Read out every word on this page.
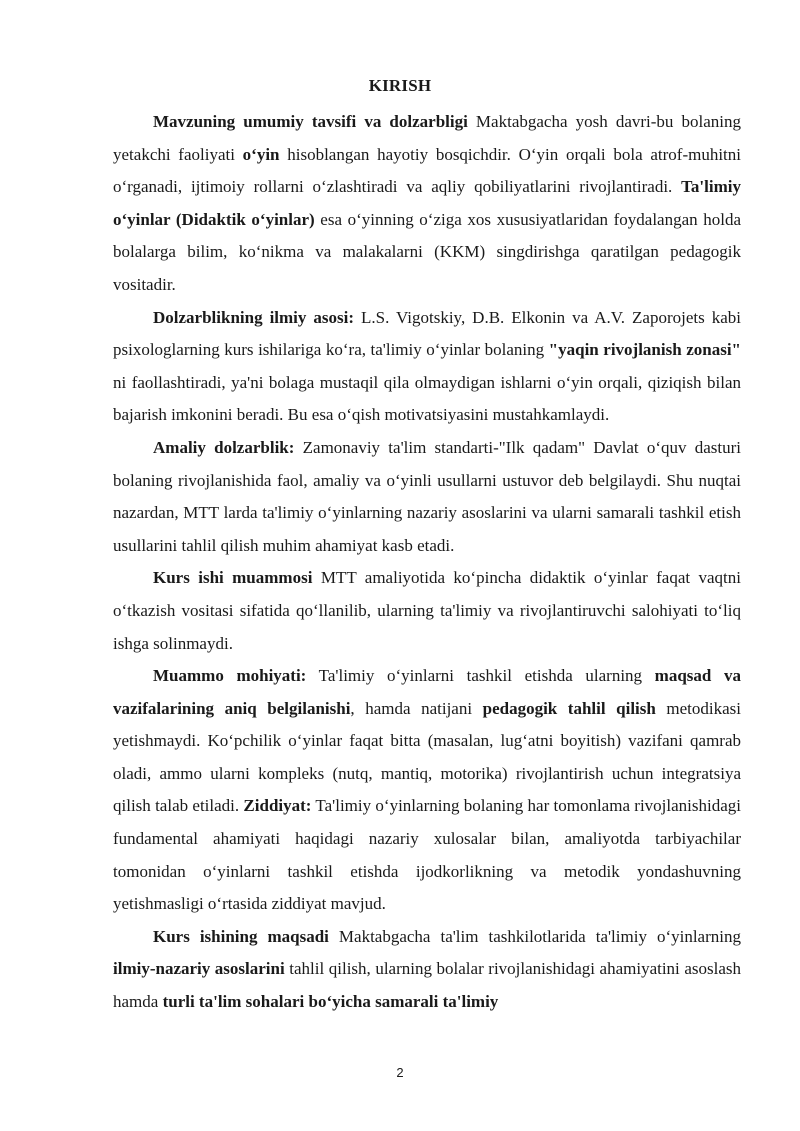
KIRISH

Mavzuning umumiy tavsifi va dolzarbligi Maktabgacha yosh davri-bu bolaning yetakchi faoliyati o‘yin hisoblangan hayotiy bosqichdir. O‘yin orqali bola atrof-muhitni o‘rganadi, ijtimoiy rollarni o‘zlashtiradi va aqliy qobiliyatlarini rivojlantiradi. Ta'limiy o‘yinlar (Didaktik o‘yinlar) esa o‘yinning o‘ziga xos xususiyatlaridan foydalangan holda bolalarga bilim, ko‘nikma va malakalarni (KKM) singdirishga qaratilgan pedagogik vositadir.

Dolzarblikning ilmiy asosi: L.S. Vigotskiy, D.B. Elkonin va A.V. Zaporojets kabi psixologlarning kurs ishilariga ko‘ra, ta'limiy o‘yinlar bolaning "yaqin rivojlanish zonasi" ni faollashtiradi, ya'ni bolaga mustaqil qila olmaydigan ishlarni o‘yin orqali, qiziqish bilan bajarish imkonini beradi. Bu esa o‘qish motivatsiyasini mustahkamlaydi.

Amaliy dolzarblik: Zamonaviy ta'lim standarti-"Ilk qadam" Davlat o‘quv dasturi bolaning rivojlanishida faol, amaliy va o‘yinli usullarni ustuvor deb belgilaydi. Shu nuqtai nazardan, MTT larda ta'limiy o‘yinlarning nazariy asoslarini va ularni samarali tashkil etish usullarini tahlil qilish muhim ahamiyat kasb etadi.

Kurs ishi muammosi MTT amaliyotida ko‘pincha didaktik o‘yinlar faqat vaqtni o‘tkazish vositasi sifatida qo‘llanilib, ularning ta'limiy va rivojlantiruvchi salohiyati to‘liq ishga solinmaydi.

Muammo mohiyati: Ta'limiy o‘yinlarni tashkil etishda ularning maqsad va vazifalarining aniq belgilanishi, hamda natijani pedagogik tahlil qilish metodikasi yetishmaydi. Ko‘pchilik o‘yinlar faqat bitta (masalan, lug‘atni boyitish) vazifani qamrab oladi, ammo ularni kompleks (nutq, mantiq, motorika) rivojlantirish uchun integratsiya qilish talab etiladi. Ziddiyat: Ta'limiy o‘yinlarning bolaning har tomonlama rivojlanishidagi fundamental ahamiyati haqidagi nazariy xulosalar bilan, amaliyotda tarbiyachilar tomonidan o‘yinlarni tashkil etishda ijodkorlikning va metodik yondashuvning yetishmasligi o‘rtasida ziddiyat mavjud.

Kurs ishining maqsadi Maktabgacha ta'lim tashkilotlarida ta'limiy o‘yinlarning ilmiy-nazariy asoslarini tahlil qilish, ularning bolalar rivojlanishidagi ahamiyatini asoslash hamda turli ta'lim sohalari bo‘yicha samarali ta'limiy

2
